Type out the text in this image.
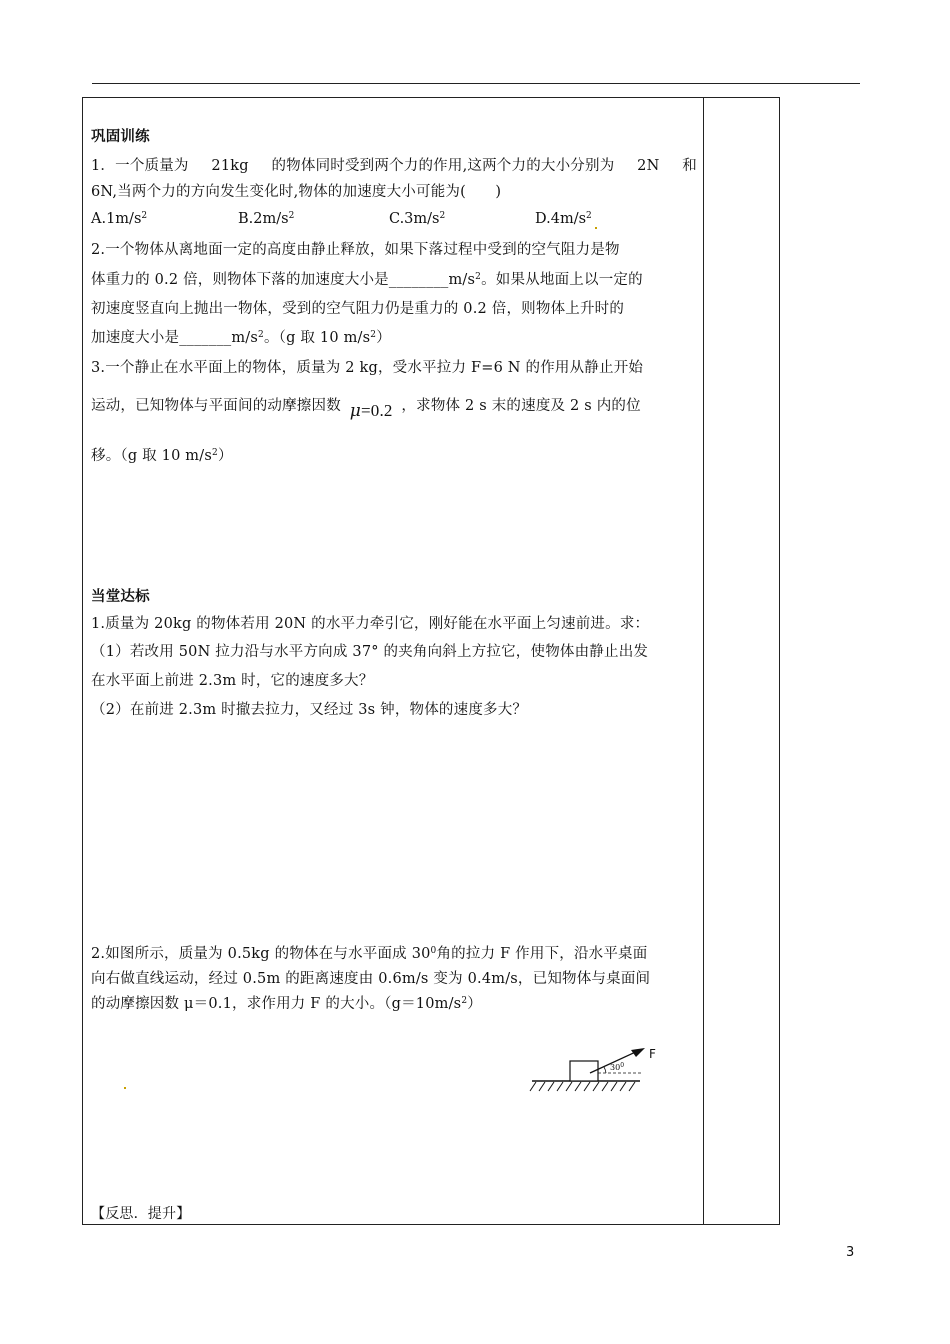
巩固训练
1．一个质量为 21kg 的物体同时受到两个力的作用,这两个力的大小分别为 2N 和
6N,当两个力的方向发生变化时,物体的加速度大小可能为(　　)
$A.1m/s^2$	$B.2m/s^2$	$C.3m/s^2$	$D.4m/s^2$
2.一个物体从离地面一定的高度由静止释放，如果下落过程中受到的空气阻力是物
体重力的 0.2 倍，则物体下落的加速度大小是$\_\_\_\_\_\_\_\_m/s^2$。如果从地面上以一定的
初速度竖直向上抛出一物体，受到的空气阻力仍是重力的 0.2 倍，则物体上升时的
加速度大小是$\_\_\_\_\_\_\_m/s^2$。（g 取 10 $m/s^2$）
3.一个静止在水平面上的物体，质量为 2 kg，受水平拉力 F=6 N 的作用从静止开始
运动，已知物体与平面间的动摩擦因数 μ=0.2 ，求物体 2 s 末的速度及 2 s 内的位
移。（g 取 10 $m/s^2$）
当堂达标
1.质量为 20kg 的物体若用 20N 的水平力牵引它，刚好能在水平面上匀速前进。求：
（1）若改用 50N 拉力沿与水平方向成 37° 的夹角向斜上方拉它，使物体由静止出发
在水平面上前进 2.3m 时，它的速度多大？
（2）在前进 2.3m 时撤去拉力，又经过 3s 钟，物体的速度多大？
2.如图所示，质量为 0.5kg 的物体在与水平面成 $30^0$角的拉力 F 作用下，沿水平桌面
向右做直线运动，经过 0.5m 的距离速度由 0.6m/s 变为 0.4m/s，已知物体与桌面间
的动摩擦因数 μ＝0.1，求作用力 F 的大小。$(g=10m/s^2)$
【反思．提升】
F
$30^0$
3
